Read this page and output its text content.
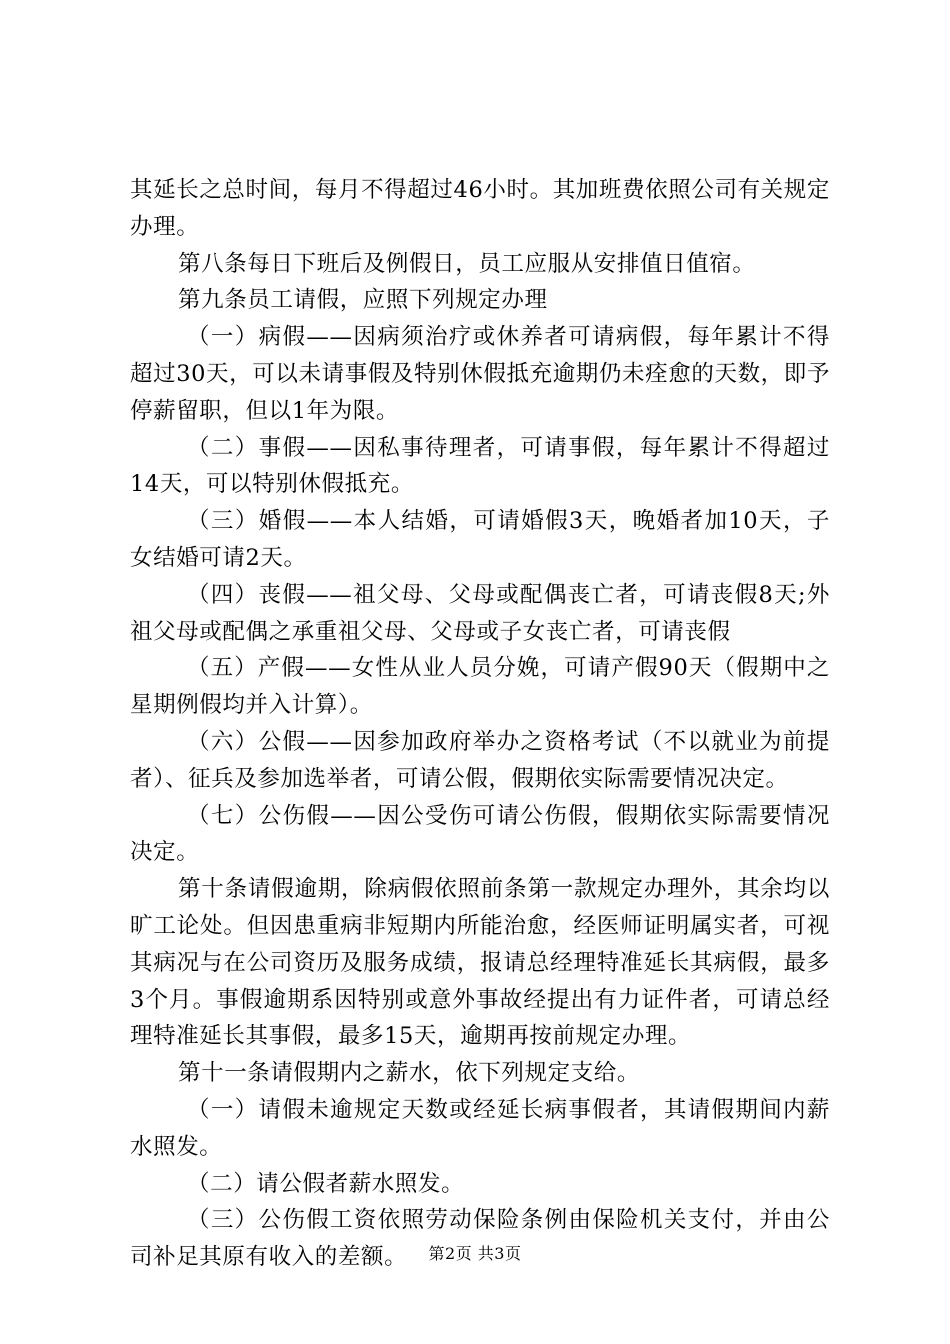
其延长之总时间，每月不得超过46小时。其加班费依照公司有关规定办理。

第八条每日下班后及例假日，员工应服从安排值日值宿。

第九条员工请假，应照下列规定办理

（一）病假——因病须治疗或休养者可请病假，每年累计不得超过30天，可以未请事假及特别休假抵充逾期仍未痊愈的天数，即予停薪留职，但以1年为限。

（二）事假——因私事待理者，可请事假，每年累计不得超过14天，可以特别休假抵充。

（三）婚假——本人结婚，可请婚假3天，晚婚者加10天，子女结婚可请2天。

（四）丧假——祖父母、父母或配偶丧亡者，可请丧假8天;外祖父母或配偶之承重祖父母、父母或子女丧亡者，可请丧假

（五）产假——女性从业人员分娩，可请产假90天（假期中之星期例假均并入计算）。

（六）公假——因参加政府举办之资格考试（不以就业为前提者）、征兵及参加选举者，可请公假，假期依实际需要情况决定。

（七）公伤假——因公受伤可请公伤假，假期依实际需要情况决定。

第十条请假逾期，除病假依照前条第一款规定办理外，其余均以旷工论处。但因患重病非短期内所能治愈，经医师证明属实者，可视其病况与在公司资历及服务成绩，报请总经理特准延长其病假，最多3个月。事假逾期系因特别或意外事故经提出有力证件者，可请总经理特准延长其事假，最多15天，逾期再按前规定办理。

第十一条请假期内之薪水，依下列规定支给。

（一）请假未逾规定天数或经延长病事假者，其请假期间内薪水照发。

（二）请公假者薪水照发。

（三）公伤假工资依照劳动保险条例由保险机关支付，并由公司补足其原有收入的差额。	第2页 共3页
